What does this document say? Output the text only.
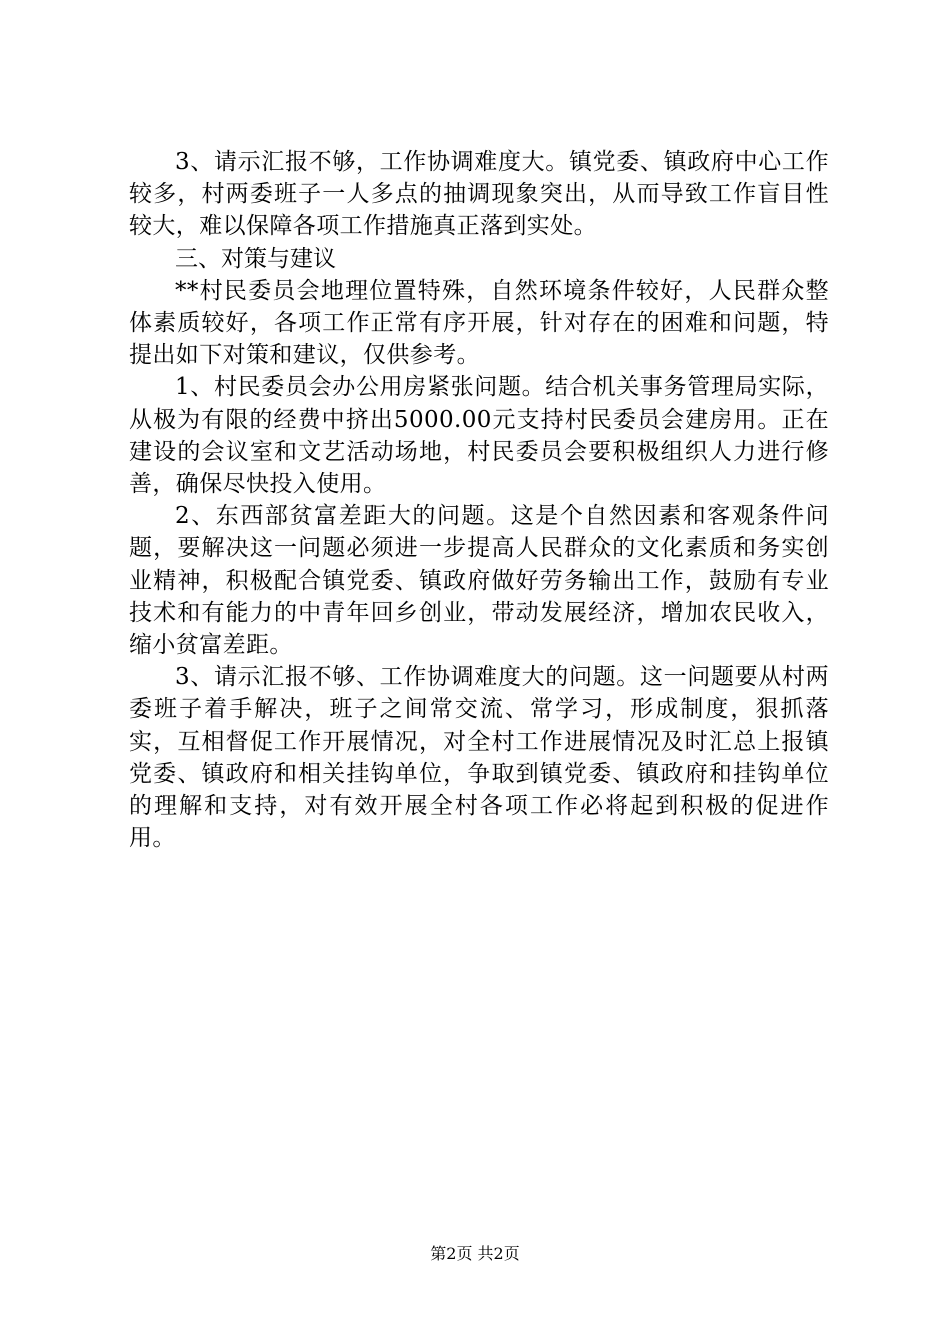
3、请示汇报不够，工作协调难度大。镇党委、镇政府中心工作较多，村两委班子一人多点的抽调现象突出，从而导致工作盲目性较大，难以保障各项工作措施真正落到实处。

三、对策与建议

**村民委员会地理位置特殊，自然环境条件较好，人民群众整体素质较好，各项工作正常有序开展，针对存在的困难和问题，特提出如下对策和建议，仅供参考。

1、村民委员会办公用房紧张问题。结合机关事务管理局实际，从极为有限的经费中挤出5000.00元支持村民委员会建房用。正在建设的会议室和文艺活动场地，村民委员会要积极组织人力进行修善，确保尽快投入使用。

2、东西部贫富差距大的问题。这是个自然因素和客观条件问题，要解决这一问题必须进一步提高人民群众的文化素质和务实创业精神，积极配合镇党委、镇政府做好劳务输出工作，鼓励有专业技术和有能力的中青年回乡创业，带动发展经济，增加农民收入，缩小贫富差距。

3、请示汇报不够、工作协调难度大的问题。这一问题要从村两委班子着手解决，班子之间常交流、常学习，形成制度，狠抓落实，互相督促工作开展情况，对全村工作进展情况及时汇总上报镇党委、镇政府和相关挂钩单位，争取到镇党委、镇政府和挂钩单位的理解和支持，对有效开展全村各项工作必将起到积极的促进作用。

第2页 共2页
